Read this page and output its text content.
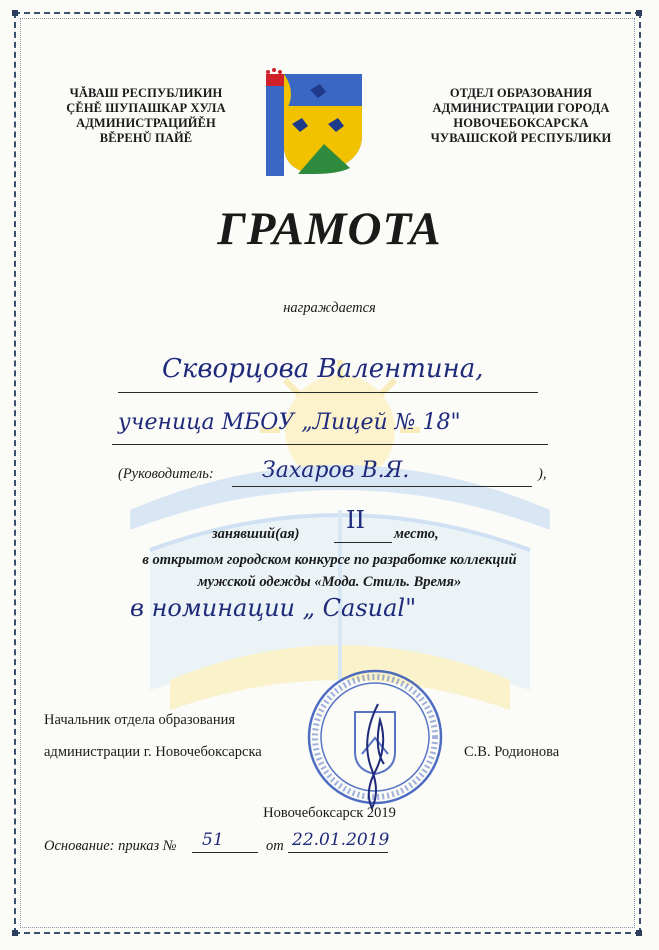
ЧĂВАШ РЕСПУБЛИКИН
ÇĚНĚ ШУПАШКАР ХУЛА
АДМИНИСТРАЦИЙĚН
ВĚРЕНŬ ПАЙĚ
ОТДЕЛ ОБРАЗОВАНИЯ
АДМИНИСТРАЦИИ ГОРОДА
НОВОЧЕБОКСАРСКА
ЧУВАШСКОЙ РЕСПУБЛИКИ
ГРАМОТА
награждается
Скворцова Валентина,
ученица МБОУ „Лицей № 18"
(Руководитель: Захаров В.Я.	),
занявший(ая) II место,
в открытом городском конкурсе по разработке коллекций
мужской одежды «Мода. Стиль. Время»
в номинации „ Casual"
Начальник отдела образования
администрации г. Новочебоксарска	С.В. Родионова
Новочебоксарск 2019
Основание: приказ № 51	от 22.01.2019
